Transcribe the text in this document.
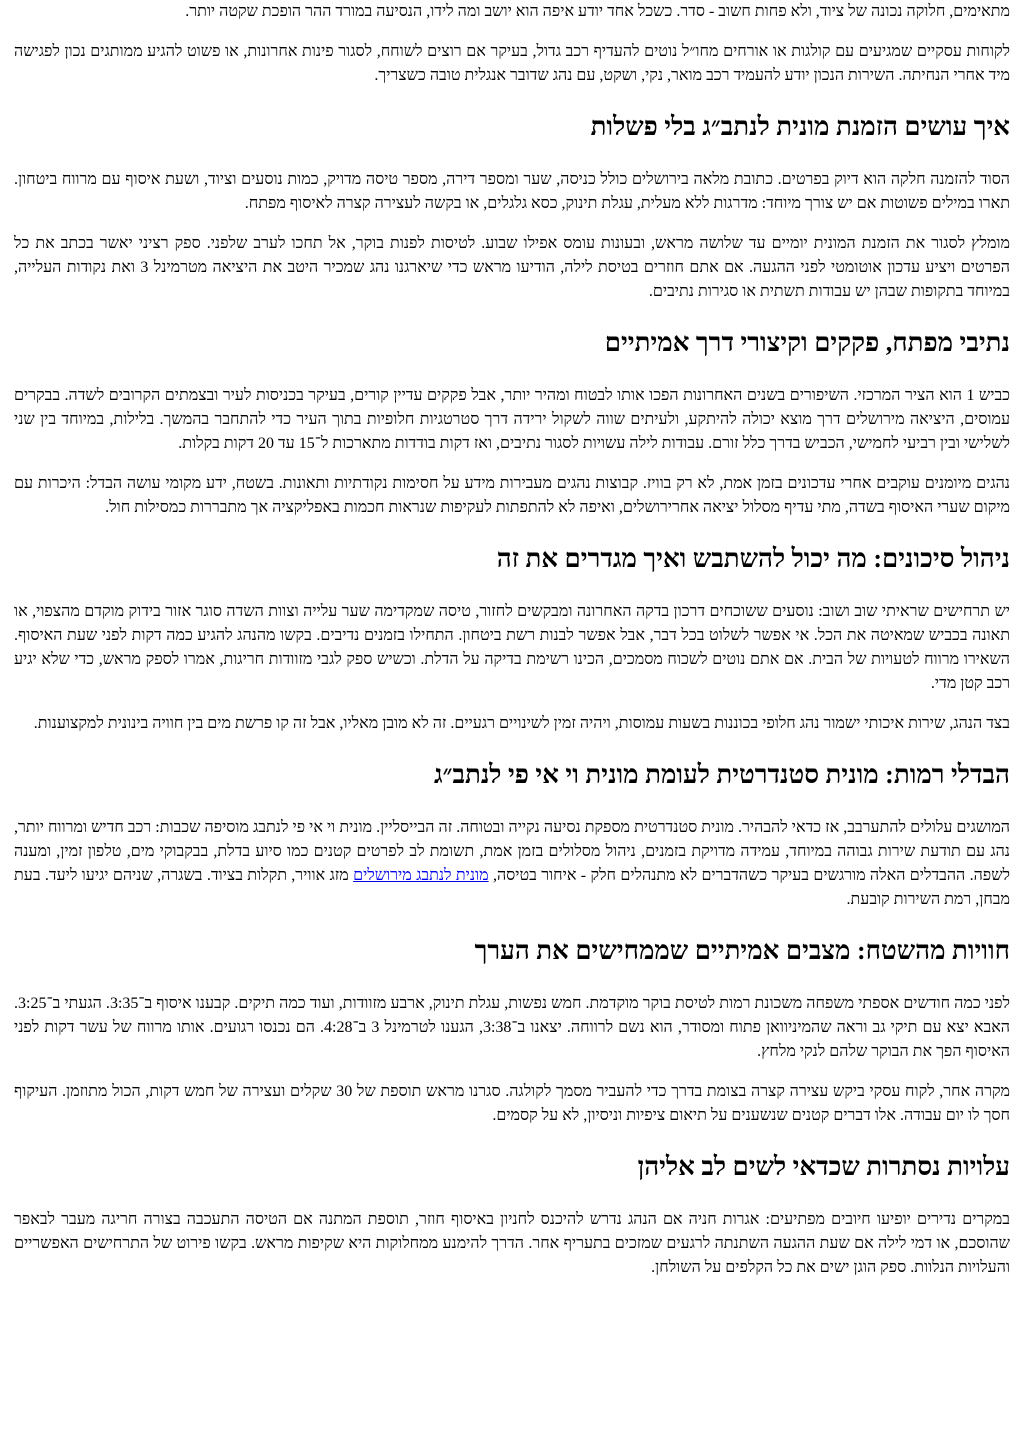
מתאימים, חלוקה נכונה של ציוד, ולא פחות חשוב - סדר. כשכל אחד יודע איפה הוא יושב ומה לידו, הנסיעה במורד ההר הופכת שקטה יותר.

לקוחות עסקיים שמגיעים עם קולגות או אורחים מחו״ל נוטים להעדיף רכב גדול, בעיקר אם רוצים לשוחח, לסגור פינות אחרונות, או פשוט להגיע ממותגים נכון לפגישה מיד אחרי הנחיתה. השירות הנכון יודע להעמיד רכב מואר, נקי, ושקט, עם נהג שדובר אנגלית טובה כשצריך.

איך עושים הזמנת מונית לנתב״ג בלי פשלות

הסוד להזמנה חלקה הוא דיוק בפרטים. כתובת מלאה בירושלים כולל כניסה, שער ומספר דירה, מספר טיסה מדויק, כמות נוסעים וציוד, ושעת איסוף עם מרווח ביטחון. תארו במילים פשוטות אם יש צורך מיוחד: מדרגות ללא מעלית, עגלת תינוק, כסא גלגלים, או בקשה לעצירה קצרה לאיסוף מפתח.

מומלץ לסגור את הזמנת המונית יומיים עד שלושה מראש, ובעונות עומס אפילו שבוע. לטיסות לפנות בוקר, אל תחכו לערב שלפני. ספק רציני יאשר בכתב את כל הפרטים ויציע עדכון אוטומטי לפני ההגעה. אם אתם חוזרים בטיסת לילה, הודיעו מראש כדי שיארגנו נהג שמכיר היטב את היציאה מטרמינל 3 ואת נקודות העלייה, במיוחד בתקופות שבהן יש עבודות תשתית או סגירות נתיבים.

נתיבי מפתח, פקקים וקיצורי דרך אמיתיים

כביש 1 הוא הציר המרכזי. השיפורים בשנים האחרונות הפכו אותו לבטוח ומהיר יותר, אבל פקקים עדיין קורים, בעיקר בכניסות לעיר ובצמתים הקרובים לשדה. בבקרים עמוסים, היציאה מירושלים דרך מוצא יכולה להיתקע, ולעיתים שווה לשקול ירידה דרך סטרטגיות חלופיות בתוך העיר כדי להתחבר בהמשך. בלילות, במיוחד בין שני לשלישי ובין רביעי לחמישי, הכביש בדרך כלל זורם. עבודות לילה עשויות לסגור נתיבים, ואז דקות בודדות מתארכות ל־15 עד 20 דקות בקלות.

נהגים מיומנים עוקבים אחרי עדכונים בזמן אמת, לא רק בוויז. קבוצות נהגים מעבירות מידע על חסימות נקודתיות ותאונות. בשטח, ידע מקומי עושה הבדל: היכרות עם מיקום שערי האיסוף בשדה, מתי עדיף מסלול יציאה אחרירושלים, ואיפה לא להתפתות לעקיפות שנראות חכמות באפליקציה אך מתבררות כמסילות חול.

ניהול סיכונים: מה יכול להשתבש ואיך מגדרים את זה

יש תרחישים שראיתי שוב ושוב: נוסעים ששוכחים דרכון בדקה האחרונה ומבקשים לחזור, טיסה שמקדימה שער עלייה וצוות השדה סוגר אזור בידוק מוקדם מהצפוי, או תאונה בכביש שמאיטה את הכל. אי אפשר לשלוט בכל דבר, אבל אפשר לבנות רשת ביטחון. התחילו בזמנים נדיבים. בקשו מהנהג להגיע כמה דקות לפני שעת האיסוף. השאירו מרווח לטעויות של הבית. אם אתם נוטים לשכוח מסמכים, הכינו רשימת בדיקה על הדלת. וכשיש ספק לגבי מזוודות חריגות, אמרו לספק מראש, כדי שלא יגיע רכב קטן מדי.

בצד הנהג, שירות איכותי ישמור נהג חלופי בכוננות בשעות עמוסות, ויהיה זמין לשינויים רגעיים. זה לא מובן מאליו, אבל זה קו פרשת מים בין חוויה בינונית למקצוענות.

הבדלי רמות: מונית סטנדרטית לעומת מונית וי אי פי לנתב״ג

המושגים עלולים להתערבב, אז כדאי להבהיר. מונית סטנדרטית מספקת נסיעה נקייה ובטוחה. זה הבייסליין. מונית וי אי פי לנתבג מוסיפה שכבות: רכב חדיש ומרווח יותר, נהג עם תודעת שירות גבוהה במיוחד, עמידה מדויקת בזמנים, ניהול מסלולים בזמן אמת, תשומת לב לפרטים קטנים כמו סיוע בדלת, בבקבוקי מים, טלפון זמין, ומענה לשפה. ההבדלים האלה מורגשים בעיקר כשהדברים לא מתנהלים חלק - איחור בטיסה, מונית לנתבג מירושלים מזג אוויר, תקלות בציוד. בשגרה, שניהם יגיעו ליעד. בעת מבחן, רמת השירות קובעת.

חוויות מהשטח: מצבים אמיתיים שממחישים את הערך

לפני כמה חודשים אספתי משפחה משכונת רמות לטיסת בוקר מוקדמת. חמש נפשות, עגלת תינוק, ארבע מזוודות, ועוד כמה תיקים. קבענו איסוף ב־3:35. הגעתי ב־3:25. האבא יצא עם תיקי גב וראה שהמיניוואן פתוח ומסודר, הוא נשם לרווחה. יצאנו ב־3:38, הגענו לטרמינל 3 ב־4:28. הם נכנסו רגועים. אותו מרווח של עשר דקות לפני האיסוף הפך את הבוקר שלהם לנקי מלחץ.

מקרה אחר, לקוח עסקי ביקש עצירה קצרה בצומת בדרך כדי להעביר מסמך לקולגה. סגרנו מראש תוספת של 30 שקלים ועצירה של חמש דקות, הכול מתוזמן. העיקוף חסך לו יום עבודה. אלו דברים קטנים שנשענים על תיאום ציפיות וניסיון, לא על קסמים.

עלויות נסתרות שכדאי לשים לב אליהן

במקרים נדירים יופיעו חיובים מפתיעים: אגרות חניה אם הנהג נדרש להיכנס לחניון באיסוף חוזר, תוספת המתנה אם הטיסה התעכבה בצורה חריגה מעבר לבאפר שהוסכם, או דמי לילה אם שעת ההגעה השתנתה לרגעים שמזכים בתעריף אחר. הדרך להימנע ממחלוקות היא שקיפות מראש. בקשו פירוט של התרחישים האפשריים והעלויות הנלוות. ספק הוגן ישים את כל הקלפים על השולחן.
